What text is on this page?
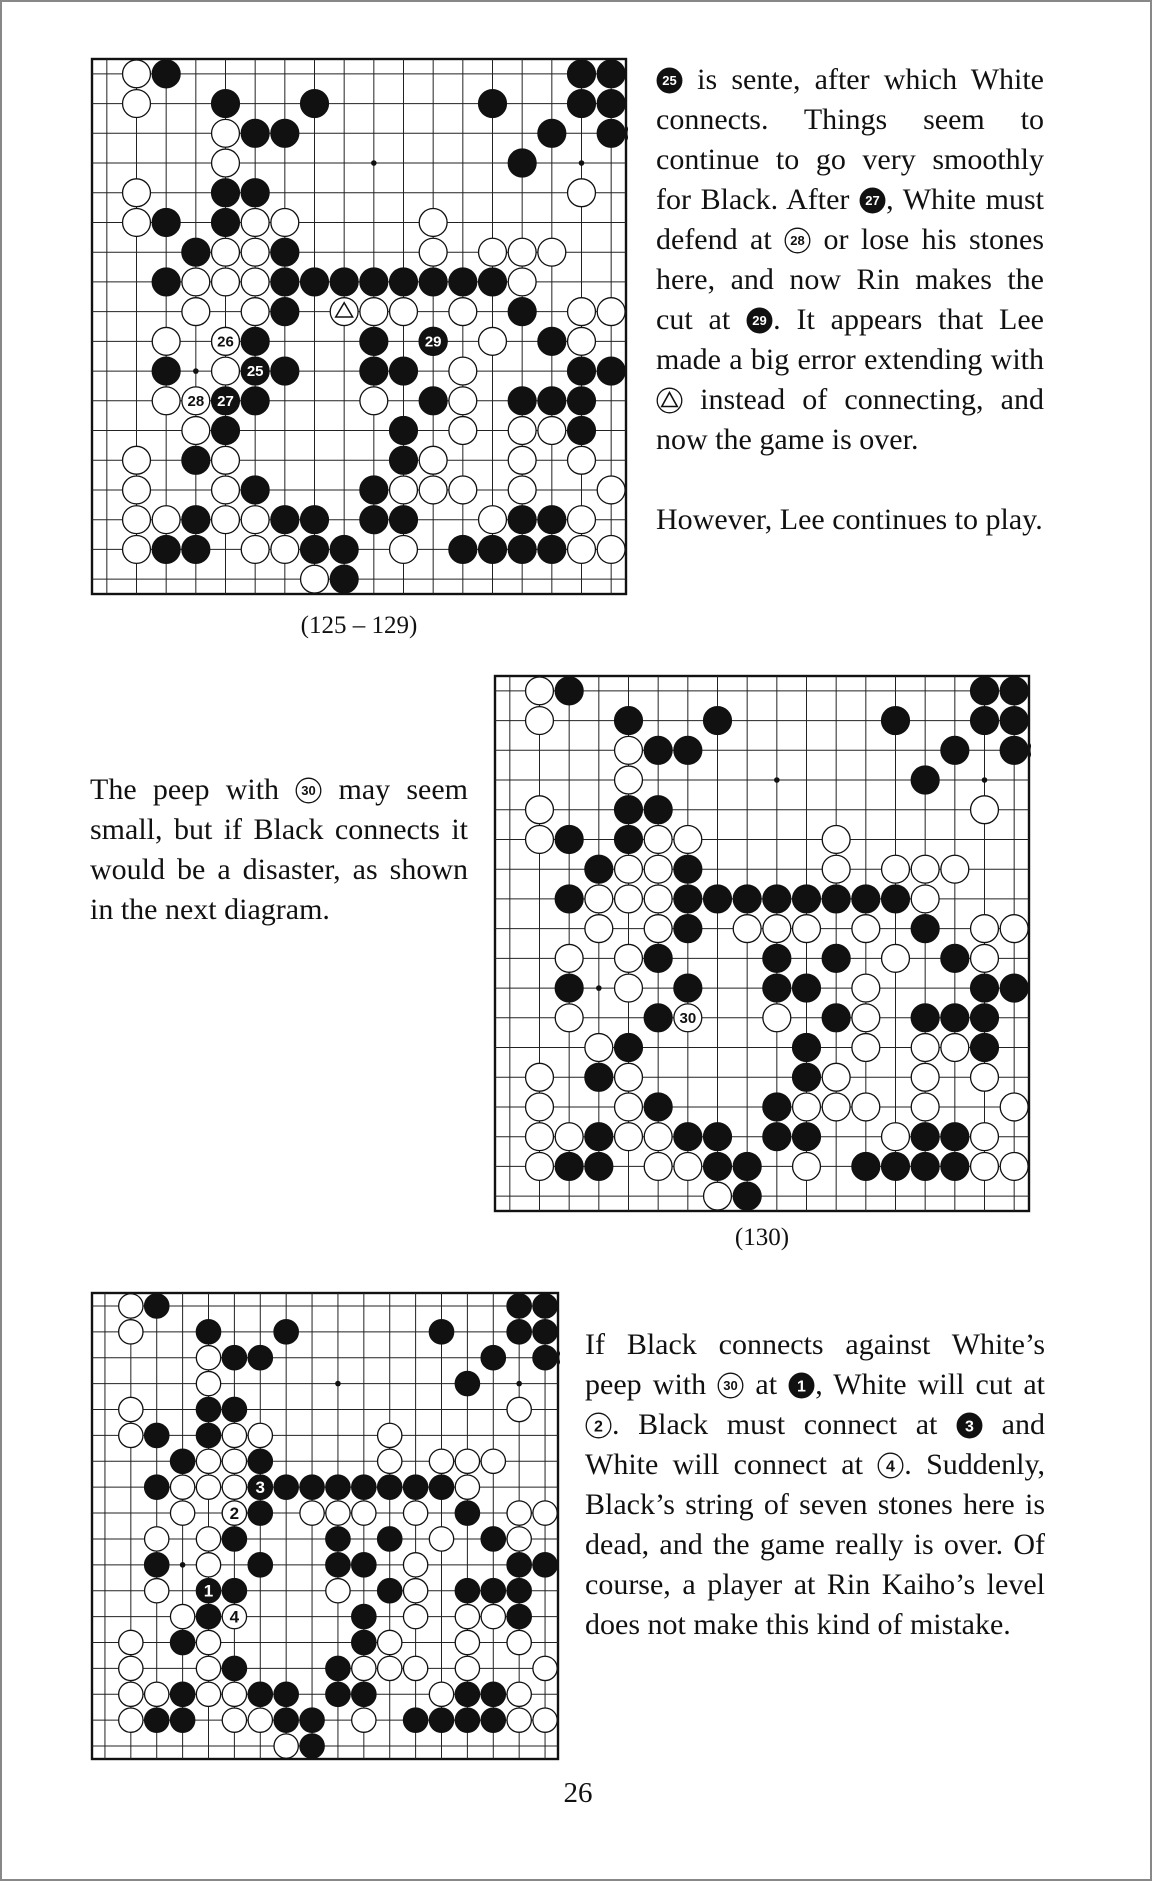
26	29
25
28 27
(125 – 129)

25 is sente, after which White connects. Things seem to continue to go very smoothly for Black. After 27 , White must defend at 28 or lose his stones here, and now Rin makes the cut at 29 . It appears that Lee made a big error extending with  instead of connecting, and now the game is over.

However, Lee continues to play.

30
(130)
The peep with 30 may seem small, but if Black connects it would be a disaster, as shown in the next diagram.
3
2
1
4
If Black connects against White’s peep with 30 at 1 , White will cut at
2 . Black must connect at 3 and White will connect at 4 . Suddenly, Black’s string of seven stones here is dead, and the game really is over. Of course, a player at Rin Kaiho’s level does not make this kind of mistake.
26
